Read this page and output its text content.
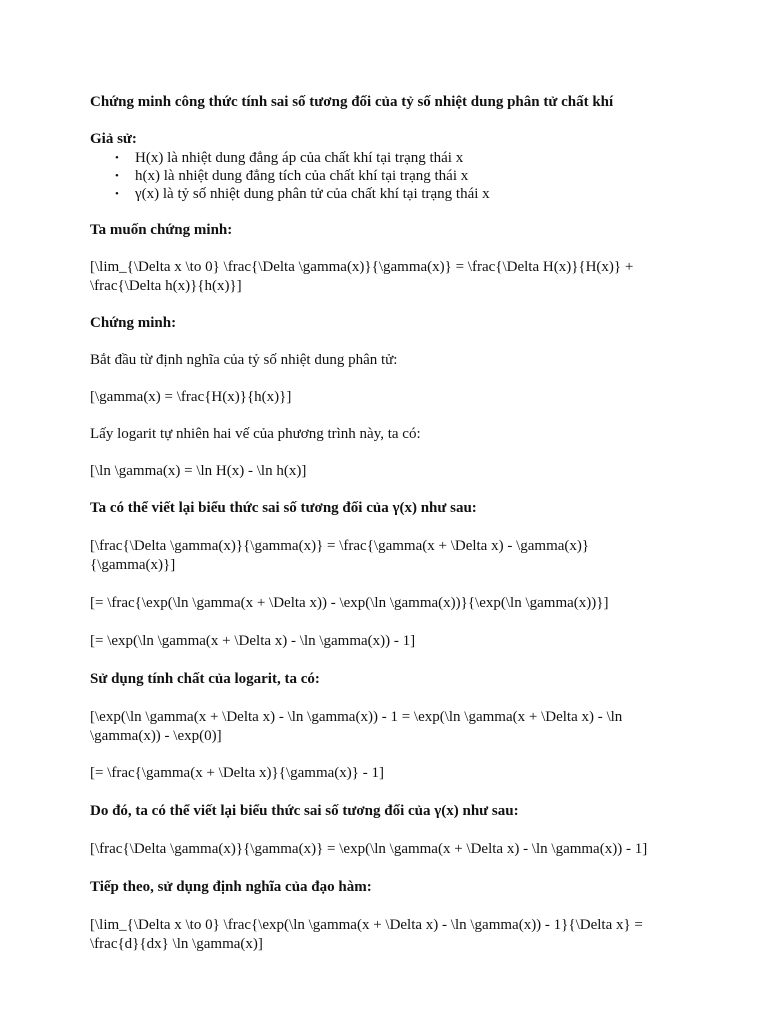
Chứng minh công thức tính sai số tương đối của tỷ số nhiệt dung phân tử chất khí

Giả sử:

• H(x) là nhiệt dung đẳng áp của chất khí tại trạng thái x
• h(x) là nhiệt dung đẳng tích của chất khí tại trạng thái x
• γ(x) là tỷ số nhiệt dung phân tử của chất khí tại trạng thái x

Ta muốn chứng minh:

[\lim_{\Delta x \to 0} \frac{\Delta \gamma(x)}{\gamma(x)} = \frac{\Delta H(x)}{H(x)} + \frac{\Delta h(x)}{h(x)}]

Chứng minh:

Bắt đầu từ định nghĩa của tỷ số nhiệt dung phân tử:

[\gamma(x) = \frac{H(x)}{h(x)}]

Lấy logarit tự nhiên hai vế của phương trình này, ta có:

[\ln \gamma(x) = \ln H(x) - \ln h(x)]

Ta có thể viết lại biểu thức sai số tương đối của γ(x) như sau:

[\frac{\Delta \gamma(x)}{\gamma(x)} = \frac{\gamma(x + \Delta x) - \gamma(x)}{\gamma(x)}]

[= \frac{\exp(\ln \gamma(x + \Delta x)) - \exp(\ln \gamma(x))}{\exp(\ln \gamma(x))}]

[= \exp(\ln \gamma(x + \Delta x) - \ln \gamma(x)) - 1]

Sử dụng tính chất của logarit, ta có:

[\exp(\ln \gamma(x + \Delta x) - \ln \gamma(x)) - 1 = \exp(\ln \gamma(x + \Delta x) - \ln \gamma(x)) - \exp(0)]

[= \frac{\gamma(x + \Delta x)}{\gamma(x)} - 1]

Do đó, ta có thể viết lại biểu thức sai số tương đối của γ(x) như sau:

[\frac{\Delta \gamma(x)}{\gamma(x)} = \exp(\ln \gamma(x + \Delta x) - \ln \gamma(x)) - 1]

Tiếp theo, sử dụng định nghĩa của đạo hàm:

[\lim_{\Delta x \to 0} \frac{\exp(\ln \gamma(x + \Delta x) - \ln \gamma(x)) - 1}{\Delta x} = \frac{d}{dx} \ln \gamma(x)]
